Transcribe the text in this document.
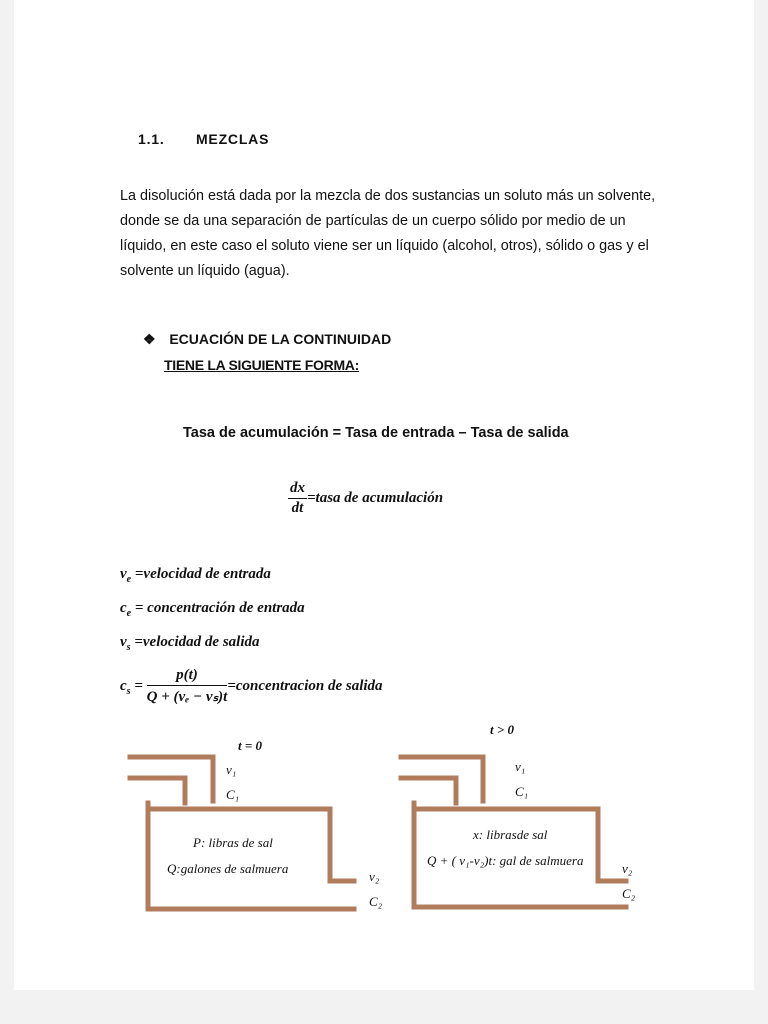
1.1. MEZCLAS
La disolución está dada por la mezcla de dos sustancias un soluto más un solvente, donde se da una separación de partículas de un cuerpo sólido por medio de un líquido, en este caso el soluto viene ser un líquido (alcohol, otros), sólido o gas y el solvente un líquido (agua).
❖ ECUACIÓN DE LA CONTINUIDAD
TIENE LA SIGUIENTE FORMA:
Tasa de acumulación = Tasa de entrada – Tasa de salida
$\frac{dx}{dt}$ =tasa de acumulación
$v_e$ =velocidad de entrada
$c_e$ = concentración de entrada
$v_s$ =velocidad de salida
$c_s = \frac{p(t)}{\text{Q + (vₑ − vₛ)t}}$ =concentracion de salida
t = 0
v₁
C₁
P: libras de sal
Q:galones de salmuera
v₂
C₂
t > 0
v₁
C₁
x: librasde sal
Q + ( v₁-v₂)t: gal de salmuera
v₂
C₂
